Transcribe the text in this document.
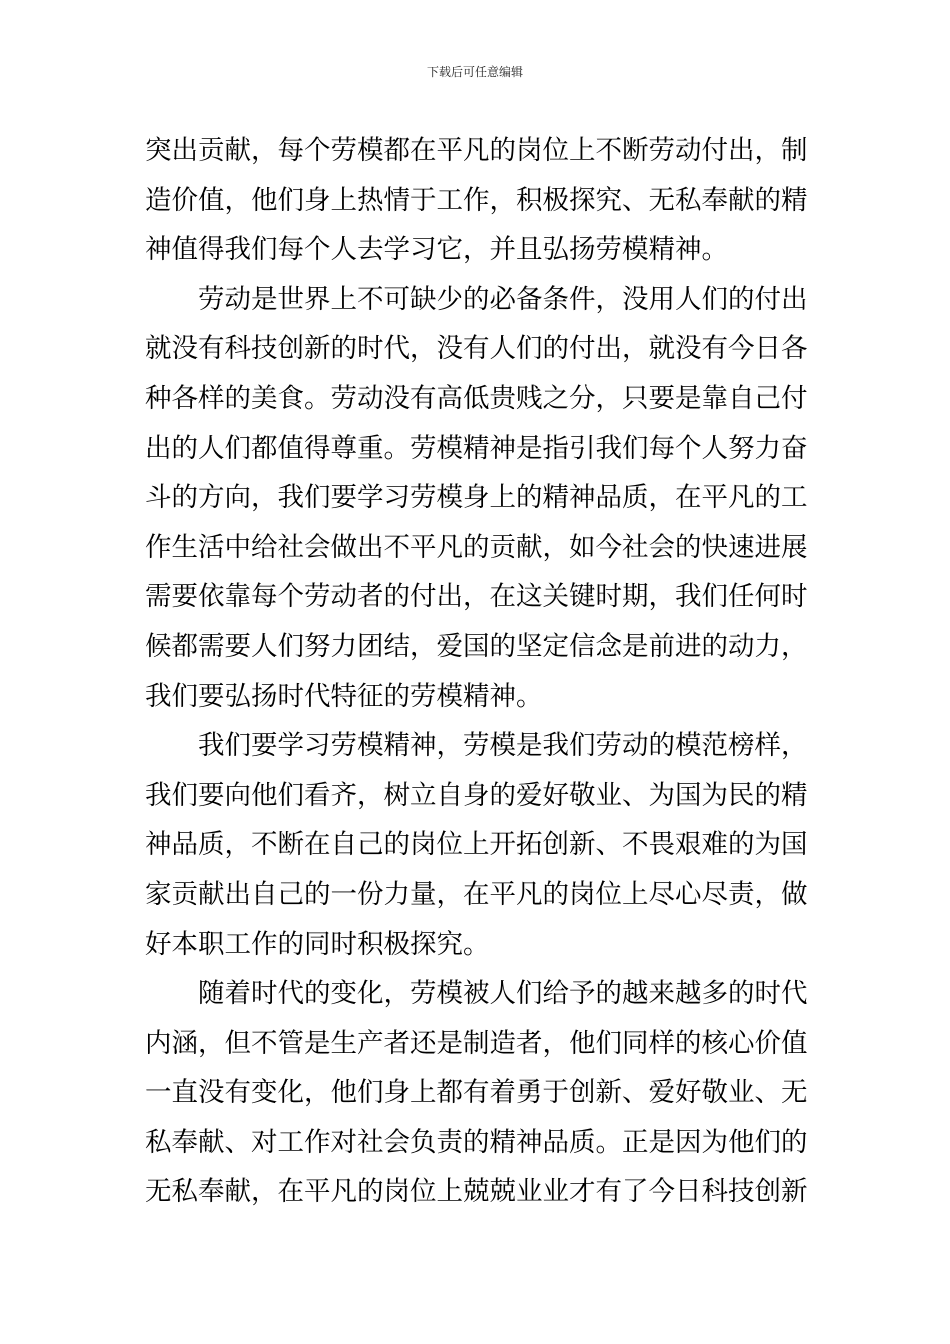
下载后可任意编辑
突出贡献，每个劳模都在平凡的岗位上不断劳动付出，制
造价值，他们身上热情于工作，积极探究、无私奉献的精
神值得我们每个人去学习它，并且弘扬劳模精神。
劳动是世界上不可缺少的必备条件，没用人们的付出
就没有科技创新的时代，没有人们的付出，就没有今日各
种各样的美食。劳动没有高低贵贱之分，只要是靠自己付
出的人们都值得尊重。劳模精神是指引我们每个人努力奋
斗的方向，我们要学习劳模身上的精神品质，在平凡的工
作生活中给社会做出不平凡的贡献，如今社会的快速进展
需要依靠每个劳动者的付出，在这关键时期，我们任何时
候都需要人们努力团结，爱国的坚定信念是前进的动力，
我们要弘扬时代特征的劳模精神。
我们要学习劳模精神，劳模是我们劳动的模范榜样，
我们要向他们看齐，树立自身的爱好敬业、为国为民的精
神品质，不断在自己的岗位上开拓创新、不畏艰难的为国
家贡献出自己的一份力量，在平凡的岗位上尽心尽责，做
好本职工作的同时积极探究。
随着时代的变化，劳模被人们给予的越来越多的时代
内涵，但不管是生产者还是制造者，他们同样的核心价值
一直没有变化，他们身上都有着勇于创新、爱好敬业、无
私奉献、对工作对社会负责的精神品质。正是因为他们的
无私奉献，在平凡的岗位上兢兢业业才有了今日科技创新
